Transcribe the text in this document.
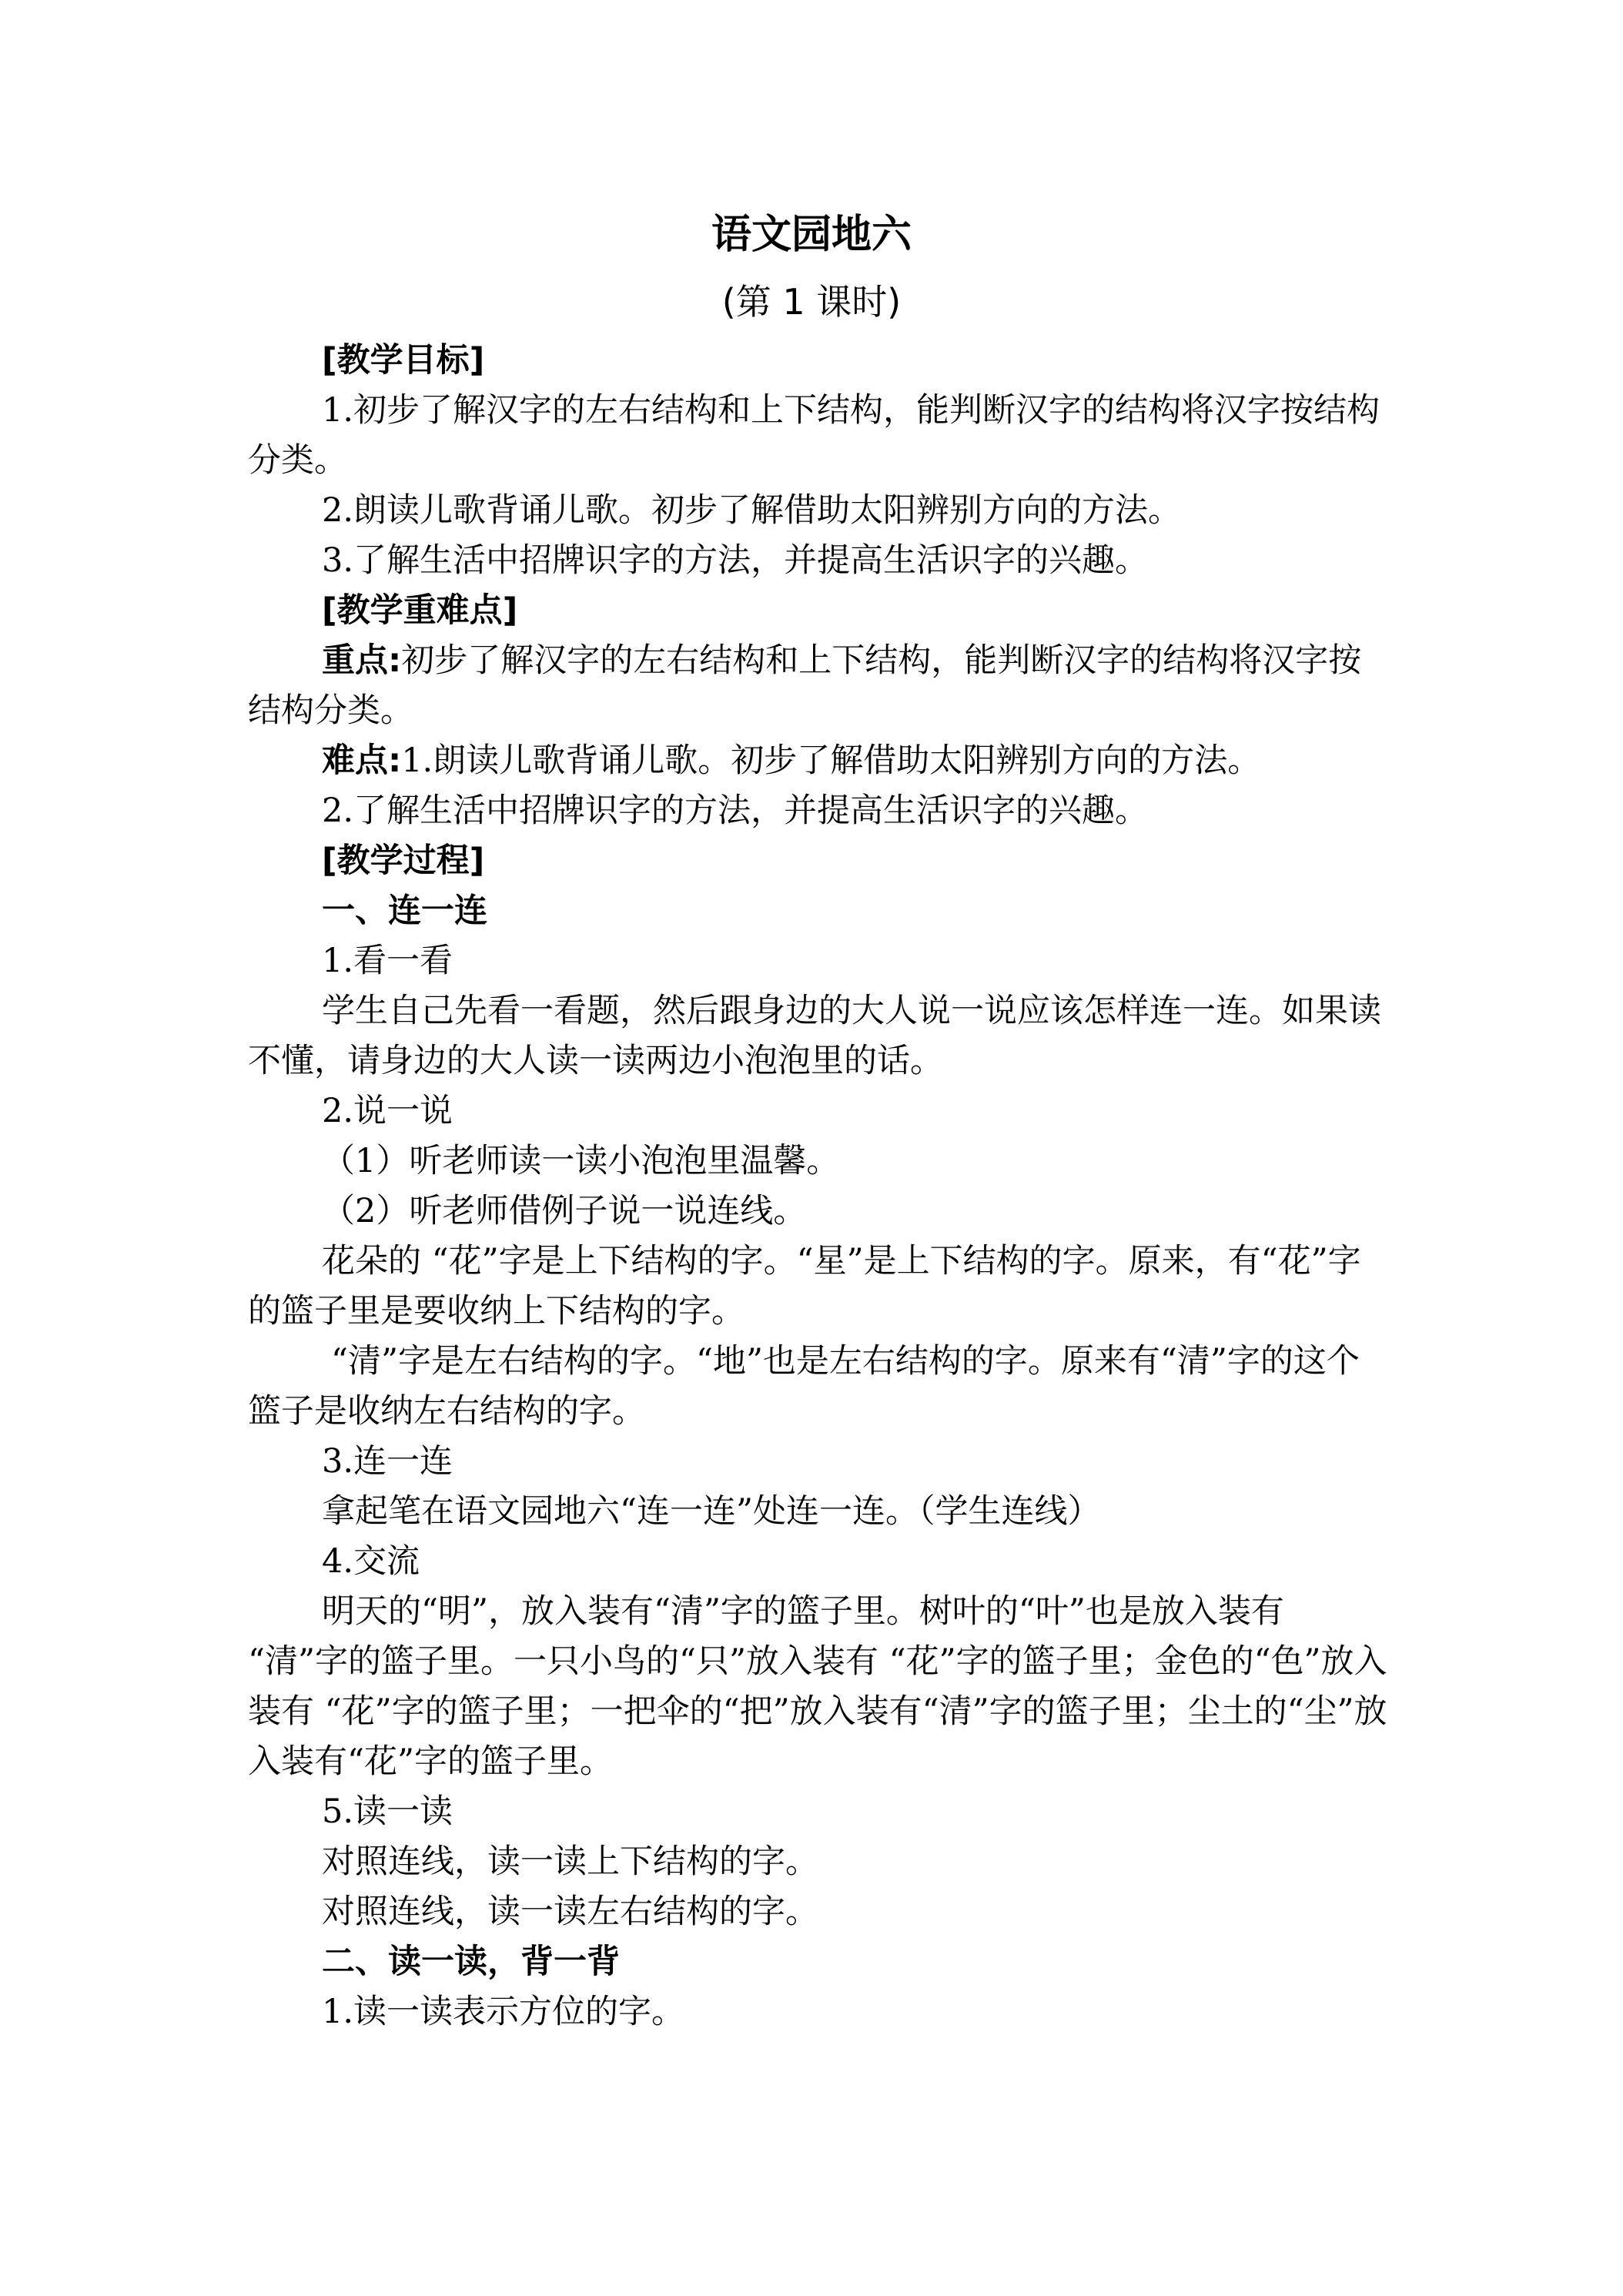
语文园地六
(第 1 课时)

[教学目标]

1.初步了解汉字的左右结构和上下结构，能判断汉字的结构将汉字按结构分类。

2.朗读儿歌背诵儿歌。初步了解借助太阳辨别方向的方法。

3.了解生活中招牌识字的方法，并提高生活识字的兴趣。

[教学重难点]

重点:初步了解汉字的左右结构和上下结构，能判断汉字的结构将汉字按结构分类。

难点:1.朗读儿歌背诵儿歌。初步了解借助太阳辨别方向的方法。

2.了解生活中招牌识字的方法，并提高生活识字的兴趣。

[教学过程]

一、连一连

1.看一看

学生自己先看一看题，然后跟身边的大人说一说应该怎样连一连。如果读不懂，请身边的大人读一读两边小泡泡里的话。

2.说一说

（1）听老师读一读小泡泡里温馨。

（2）听老师借例子说一说连线。

花朵的 “花”字是上下结构的字。“星”是上下结构的字。原来，有“花”字的篮子里是要收纳上下结构的字。

“清”字是左右结构的字。“地”也是左右结构的字。原来有“清”字的这个篮子是收纳左右结构的字。

3.连一连

拿起笔在语文园地六“连一连”处连一连。（学生连线）

4.交流

明天的“明”，放入装有“清”字的篮子里。树叶的“叶”也是放入装有 “清”字的篮子里。一只小鸟的“只”放入装有 “花”字的篮子里；金色的“色”放入装有 “花”字的篮子里；一把伞的“把”放入装有“清”字的篮子里；尘土的“尘”放入装有“花”字的篮子里。

5.读一读

对照连线，读一读上下结构的字。

对照连线，读一读左右结构的字。

二、读一读，背一背

1.读一读表示方位的字。
